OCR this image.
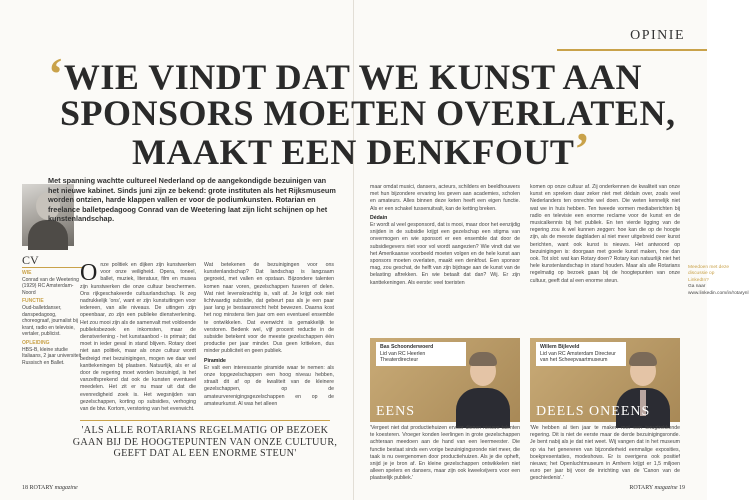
OPINIE
‘WIE VINDT DAT WE KUNST AAN
SPONSORS MOETEN OVERLATEN,
MAAKT EEN DENKFOUT’

Met spanning wachtte cultureel Nederland op de aangekondigde bezuinigen van het nieuwe kabinet. Sinds juni zijn ze bekend: grote instituten als het Rijksmuseum worden ontzien, harde klappen vallen er voor de podiumkunsten. Rotarian en freelance balletpedagoog Conrad van de Weetering laat zijn licht schijnen op het kunstenlandschap.

CV
WIE
Conrad van de Weetering (1929) RC Amsterdam-Noord
FUNCTIE
Oud-balletdanser, danspedagoog, choreograaf, journalist bij krant, radio en televisie, vertaler, publicist.
OPLEIDING
HBS-B, kleine studie Italiaans, 2 jaar universiteit Russisch en Ballet.
Onze politiek en dijken zijn kunstwerken voor onze veiligheid. Opera, toneel, ballet, muziek, literatuur, film en musea zijn kunstwerken die onze cultuur beschermen. Ons rijkgeschakeerde cultuurlandschap. Ik zeg nadrukkelijk 'ons', want er zijn kunstuitingen voor iedereen, van alle niveaus. De uitingen zijn opeenbaar, zo zijn een publieke dienstverlening. Het zou mooi zijn als de samenvalt met voldoende publieksbezoek en inkomsten, maar de dienstverlening - het kunstaanbod - is primair; dat moet in ieder geval in stand blijven. Rotary doet niet aan politiek, maar als onze cultuur wordt bedreigd met bezuinigingen, mogen we daar wel kanttekeningen bij plaatsen. Natuurlijk, als er al door de regering moet worden bezuinigd, is het vanzelfsprekend dat ook de kunsten eventueel meedelen. Het zit er nu maar uit dat die evenredigheid zoek is. Het wegsnijden van gezelschappen, korting op subsidies, verhoging van de btw. Kortom, verstoring van het evenwicht.
Wat betekenen de bezuinigingen voor ons kunstenlandschap? Dat landschap is langzaam gegroeid, met vallen en opstaan. Bijzondere talenten komen naar voren, gezelschappen fuseren of delen. Wat niet levenskrachtig is, valt af. Je krijgt ook niet lichtvaardig subsidie, dat gebeurt pas als je een paar jaar lang je bestaansrecht hebt bewezen. Daarna kost het nog minstens tien jaar om een eventueel ensemble te ontwikkelen. Dat evenwicht is gemakkelijk te verstoren. Bedenk wel, vijf procent reductie in de subsidie betekent voor de meeste gezelschappen één productie per jaar minder. Dus geen kritieken, dus minder publiciteit en geen publiek.
Piramide
Er valt een interessante piramide waar te nemen: als onze topgezelschappen een hoog niveau hebben, straalt dit af op de kwaliteit van de kleinere gezelschappen, op de amateurverenigingsgezelschappen en op de amateurkunst. Al was het alleen
'ALS ALLE ROTARIANS REGELMATIG OP BEZOEK GAAN BIJ DE HOOGTEPUNTEN VAN ONZE CULTUUR, GEEFT DAT AL EEN ENORME STEUN'
maar omdat musici, dansers, acteurs, schilders en beeldhouwers met hun bijzondere ervaring les geven aan academies, scholen en amateurs. Alles binnen deze keten heeft een eigen functie. Als er een schakel tussenuitvalt, kan de ketting breken.
Dédain
Er wordt al veel gesponsord, dat is mooi, maar door het eenzijdig snijden in de subsidie krijgt een gezelschap een stigma van onvermogen en wie sponsort er een ensemble dat door de subsidiegevers niet voor vol wordt aangezien? Wie vindt dat we het Amerikaanse voorbeeld moeten volgen en de hele kunst aan sponsors moeten overlaten, maakt een denkfout. Een sponsor mag, zou geschat, de helft van zijn bijdrage aan de kunst van de belasting aftrekken. En wie betaalt dat dan? Wij. Er zijn kanttekeningen. Als eerste: veel toeristen
komen op onze cultuur af. Zij onderkennen de kwaliteit van onze kunst en spreken daar zeker niet met dédain over, zoals veel Nederlanders ten onrechte wel doen. Die weten kennelijk niet wat we in huis hebben. Ten tweede vormen mediaberichten bij radio en televisie een enorme reclame voor de kunst en de musicalkennis bij het publiek. En ten vierde ligging van de regering zou ik wel kunnen zeggen: hoe kan die op de hoogte zijn, als de meeste dagbladen al niet meer uitgebreid over kunst berichten, want ook kunst is nieuws. Het antwoord op bezuinigingen is: doorgaan met goede kunst maken, hoe dan ook. Tot slot: wat kan Rotary doen? Rotary kan natuurlijk niet het hele kunstenlandschap in stand houden. Maar als alle Rotarians regelmatig op bezoek gaan bij de hoogtepunten van onze cultuur, geeft dat al een enorme steun.
Meedoen met deze discussie op LinkedIn?
Ga naar www.linkedin.com/in/rotarynl
Bas Schoonderwoerd
Lid van RC Heerlen Theaterdirecteur
EENS
Willem Bijleveld
Lid van RC Amsterdam Directeur van het Scheepvaartmuseum
DEELS ONEENS
'Vergeet niet dat productiehuizen ervoor dienen nieuwe talenten te koesteren. Vroeger konden leerlingen in grote gezelschappen achteraan meedoen aan de hand van een leermeester. Die functie bestaat sinds een vorige bezuinigingsronde niet meer, die taak is nu overgenomen door productiehuizen. Als je die opheft, snijd je je bron af. En kleine gezelschappen ontwikkelen niet alleen spelers en dansers, maar zijn ook kweekvijvers voor een plaatselijk publiek.'
'We hebben al tien jaar te maken met een terugtrekkende regering. Dit is niet de eerste maar de derde bezuinigingsronde. Je bent nabij als je dat niet weet. Wij vangen dat in het museum op via het genereren van bijzonderheid eenmalige exposities, boekpresentaties, modeshows. Er is overigens ook positief nieuws; het Openluchtmuseum in Arnhem krijgt er 1,5 miljoen euro per jaar bij voor de inrichting van de 'Canon van de geschiedenis'.'
18 ROTARY magazine	ROTARY magazine 19
